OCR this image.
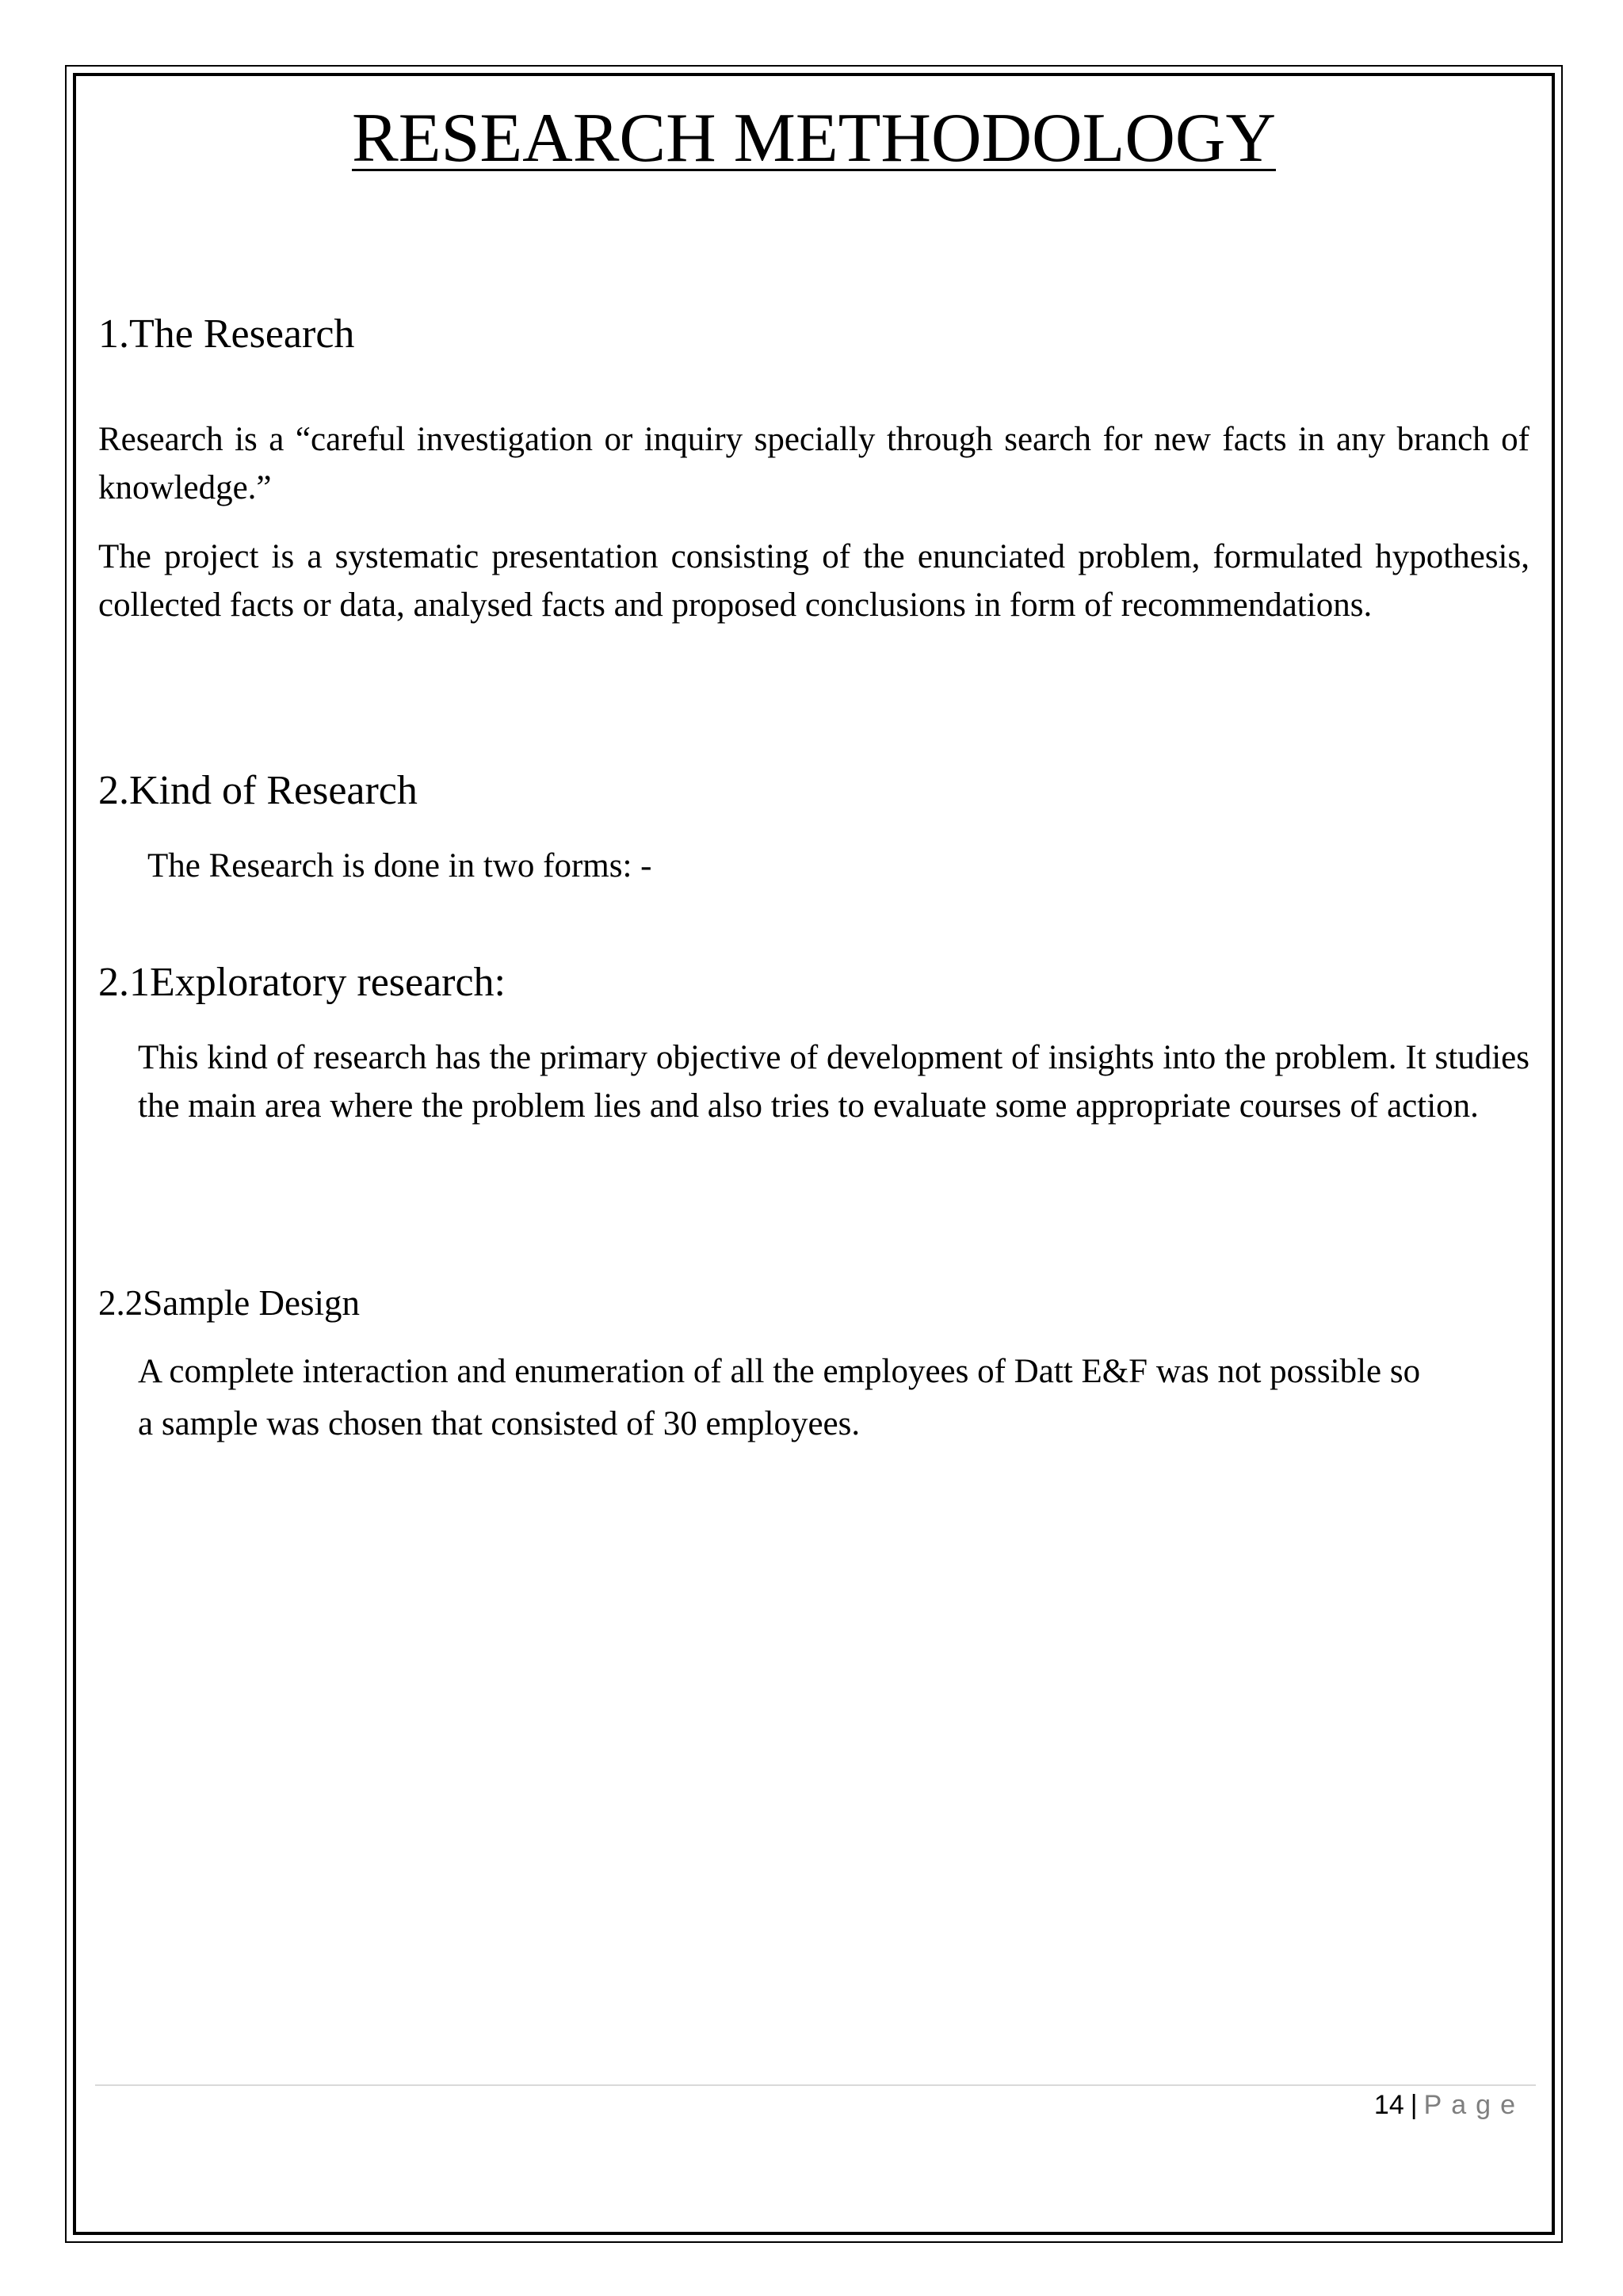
RESEARCH METHODOLOGY
1.The Research

Research is a “careful investigation or inquiry specially through search for new facts in any branch of knowledge.”

The project is a systematic presentation consisting of the enunciated problem, formulated hypothesis, collected facts or data, analysed facts and proposed conclusions in form of recommendations.

2.Kind of Research

The Research is done in two forms: -

2.1Exploratory research:

This kind of research has the primary objective of development of insights into the problem. It studies the main area where the problem lies and also tries to evaluate some appropriate courses of action.

2.2Sample Design

A complete interaction and enumeration of all the employees of Datt E&F was not possible so a sample was chosen that consisted of 30 employees.

14 | Page
